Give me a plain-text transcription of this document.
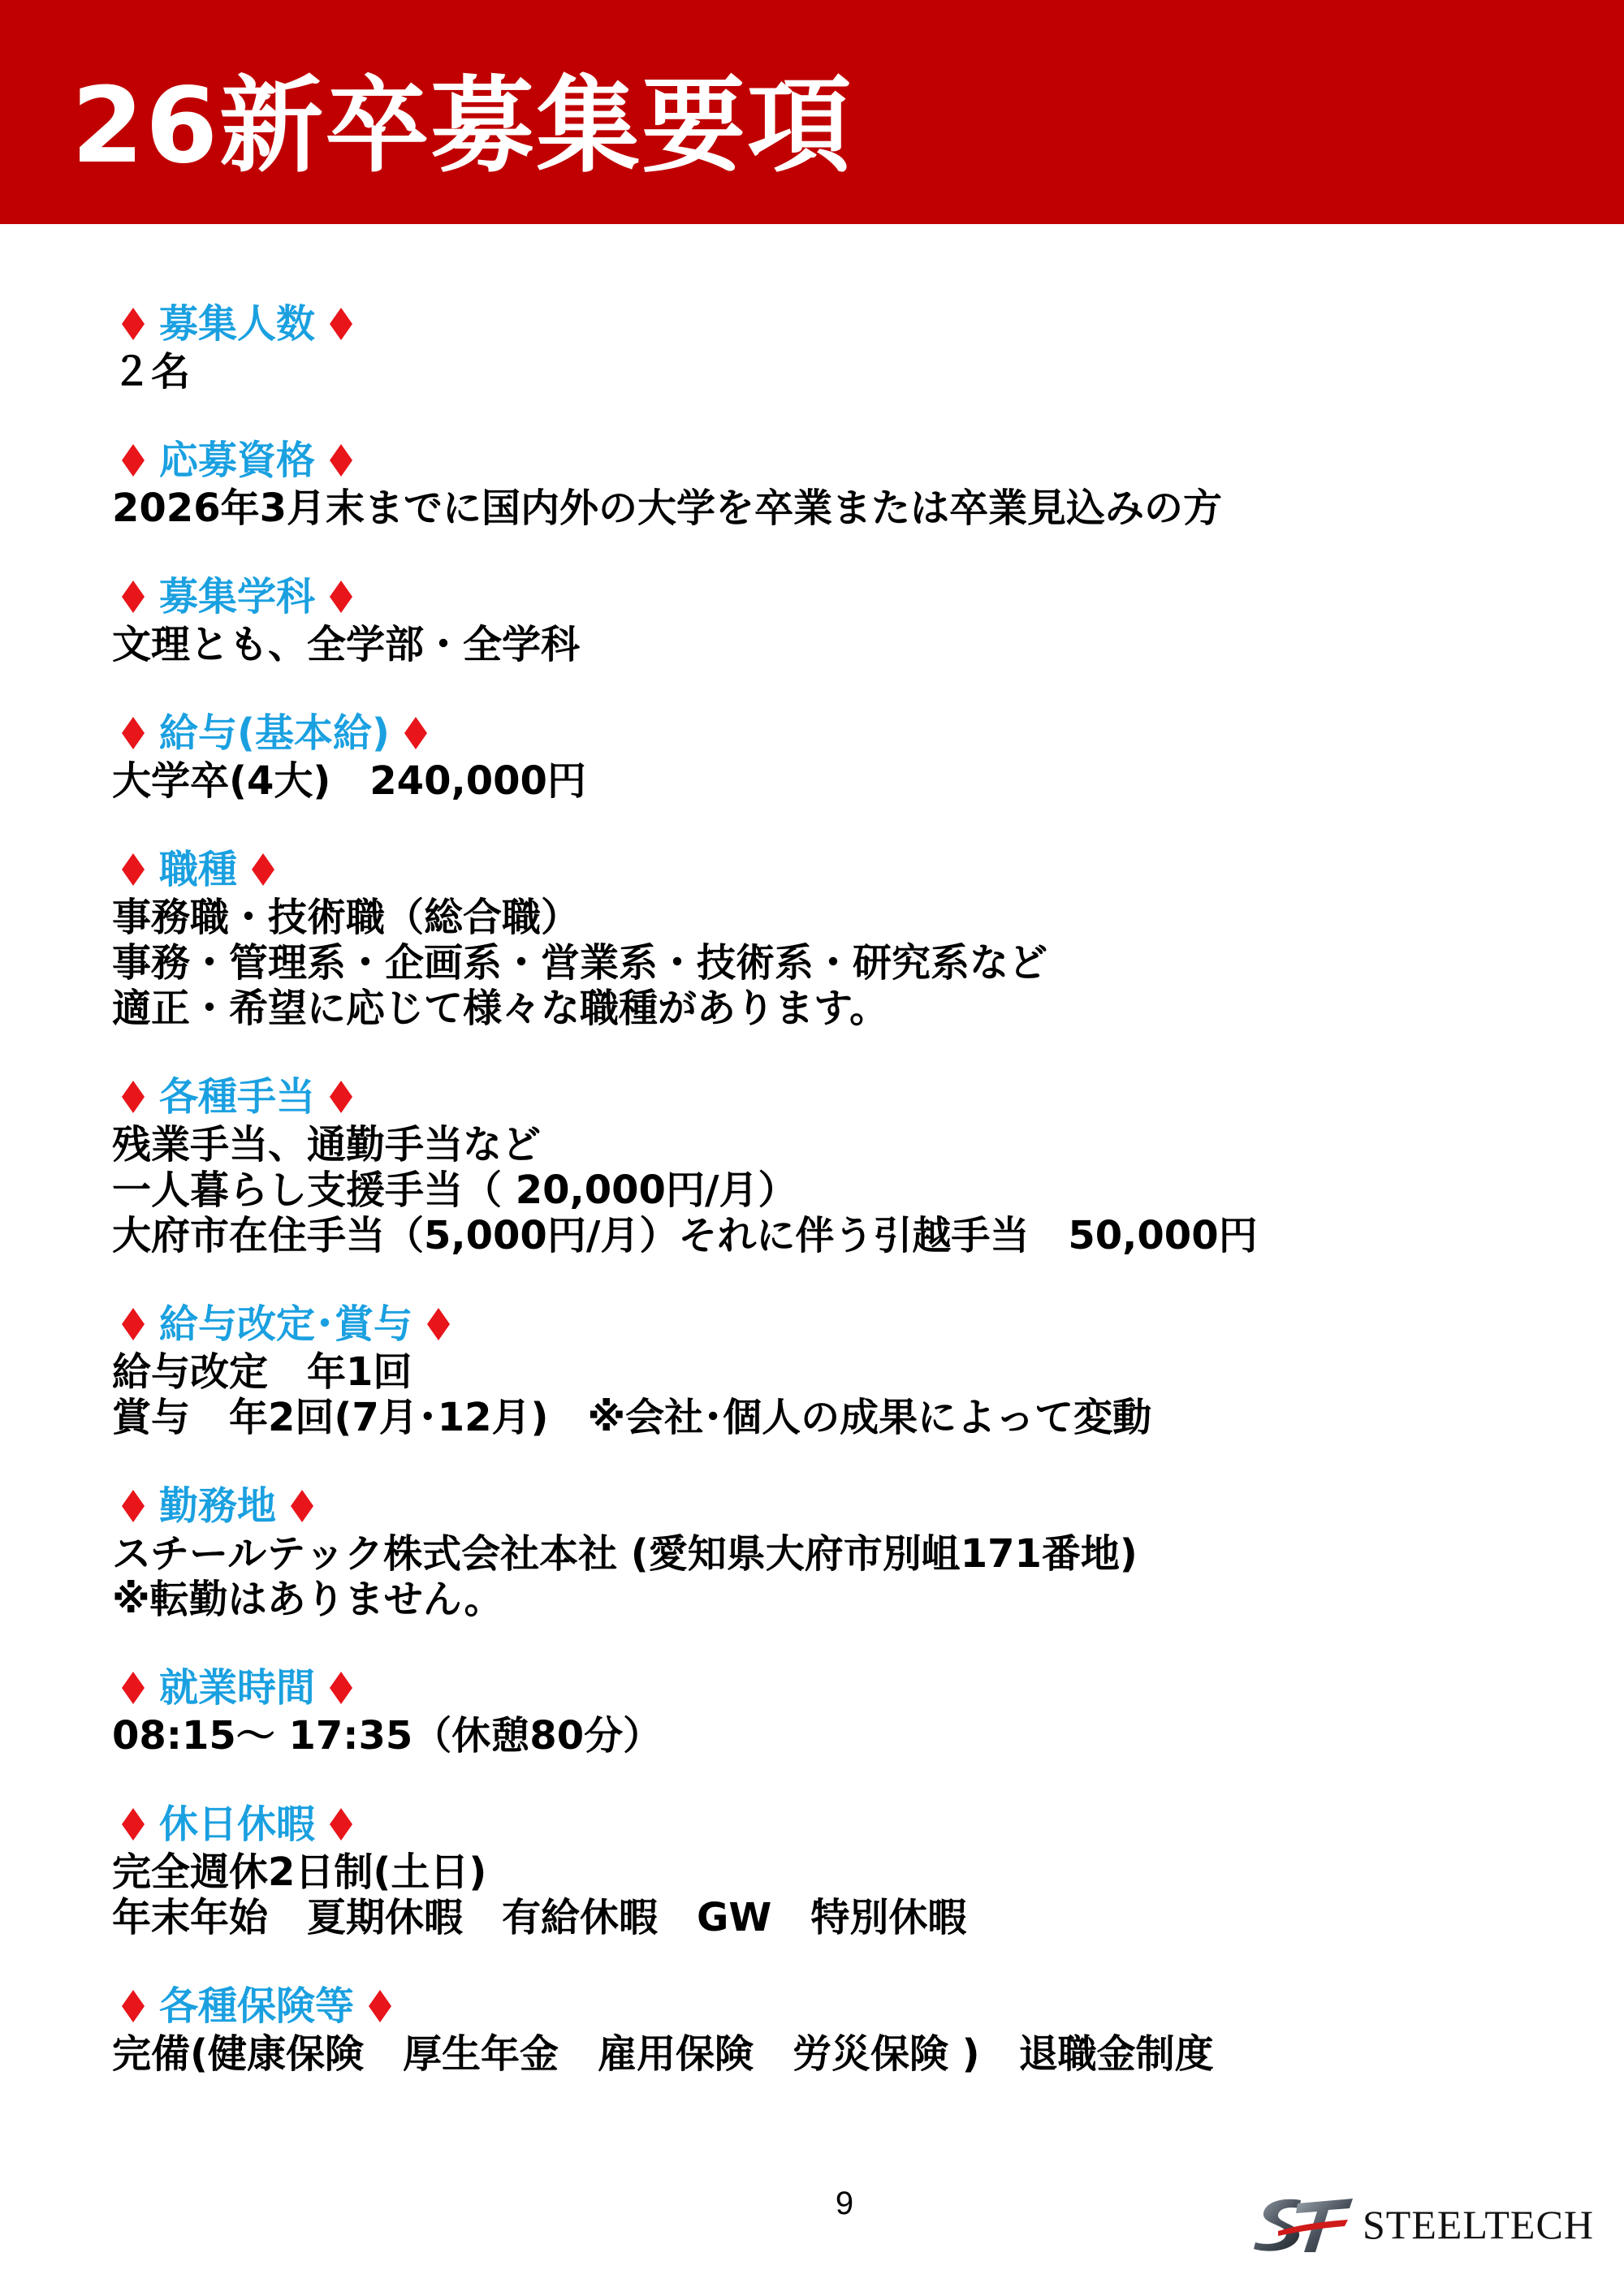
26新卒募集要項
募集人数
２名
応募資格
2026年3月末までに国内外の大学を卒業または卒業見込みの方
募集学科
文理とも、全学部・全学科
給与(基本給)
大学卒(4大)　240,000円
職種
事務職・技術職（総合職）
事務・管理系・企画系・営業系・技術系・研究系など
適正・希望に応じて様々な職種があります。
各種手当
残業手当、通勤手当など
一人暮らし支援手当（ 20,000円/月）
大府市在住手当（5,000円/月）それに伴う引越手当　50,000円
給与改定･賞与
給与改定　年1回
賞与　年2回(7月･12月)　※会社･個人の成果によって変動
勤務地
スチールテック株式会社本社 (愛知県大府市別岨171番地)
※転勤はありません。
就業時間
08:15～ 17:35（休憩80分）
休日休暇
完全週休2日制(土日)
年末年始　夏期休暇　有給休暇　GW　特別休暇
各種保険等
完備(健康保険　厚生年金　雇用保険　労災保険 )　退職金制度
9	STEELTECH
